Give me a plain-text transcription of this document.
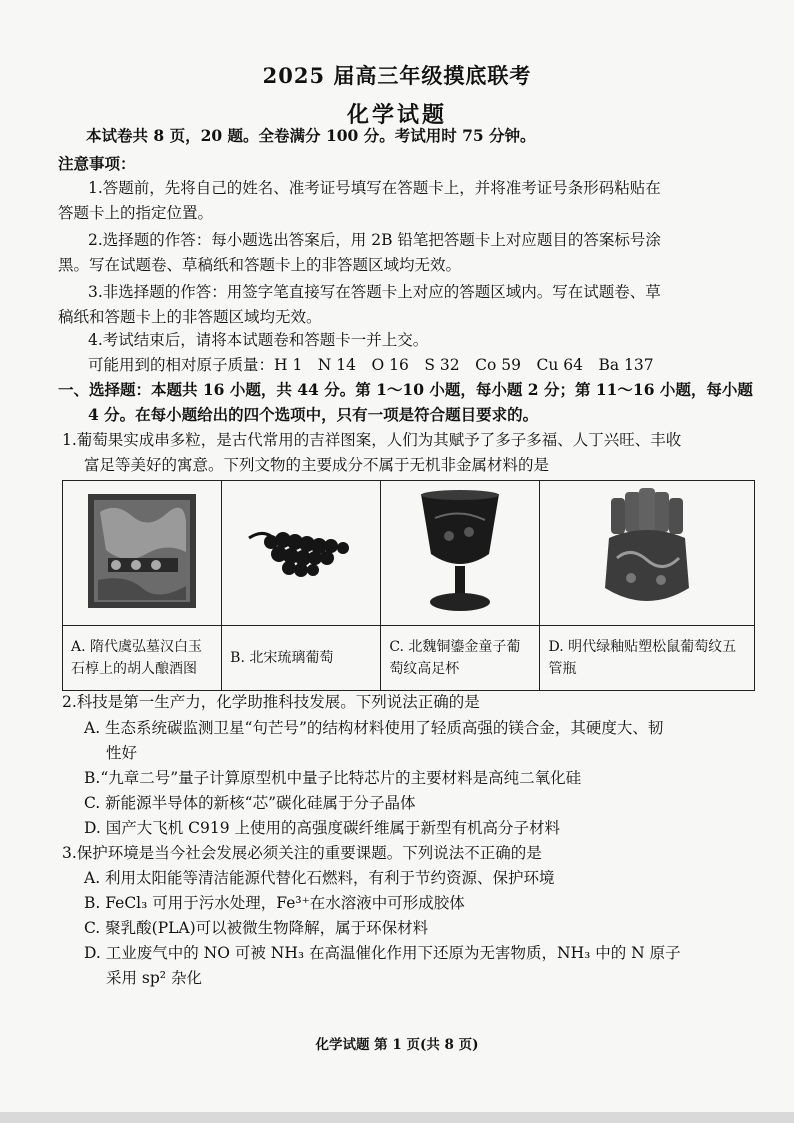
2025 届高三年级摸底联考
化学试题
本试卷共 8 页，20 题。全卷满分 100 分。考试用时 75 分钟。
注意事项：
1.答题前，先将自己的姓名、准考证号填写在答题卡上，并将准考证号条形码粘贴在
答题卡上的指定位置。
2.选择题的作答：每小题选出答案后，用 2B 铅笔把答题卡上对应题目的答案标号涂
黑。写在试题卷、草稿纸和答题卡上的非答题区域均无效。
3.非选择题的作答：用签字笔直接写在答题卡上对应的答题区域内。写在试题卷、草
稿纸和答题卡上的非答题区域均无效。
4.考试结束后，请将本试题卷和答题卡一并上交。
可能用到的相对原子质量：H 1　N 14　O 16　S 32　Co 59　Cu 64　Ba 137
一、选择题：本题共 16 小题，共 44 分。第 1～10 小题，每小题 2 分；第 11～16 小题，每小题
4 分。在每小题给出的四个选项中，只有一项是符合题目要求的。
1.葡萄果实成串多粒，是古代常用的吉祥图案，人们为其赋予了多子多福、人丁兴旺、丰收
富足等美好的寓意。下列文物的主要成分不属于无机非金属材料的是

A. 隋代虞弘墓汉白玉石椁上的胡人酿酒图	B. 北宋琉璃葡萄	C. 北魏铜鎏金童子葡萄纹高足杯	D. 明代绿釉贴塑松鼠葡萄纹五管瓶
2.科技是第一生产力，化学助推科技发展。下列说法正确的是
A. 生态系统碳监测卫星“句芒号”的结构材料使用了轻质高强的镁合金，其硬度大、韧
性好
B.“九章二号”量子计算原型机中量子比特芯片的主要材料是高纯二氧化硅
C. 新能源半导体的新核“芯”碳化硅属于分子晶体
D. 国产大飞机 C919 上使用的高强度碳纤维属于新型有机高分子材料
3.保护环境是当今社会发展必须关注的重要课题。下列说法不正确的是
A. 利用太阳能等清洁能源代替化石燃料，有利于节约资源、保护环境
B. FeCl₃ 可用于污水处理，Fe³⁺在水溶液中可形成胶体
C. 聚乳酸(PLA)可以被微生物降解，属于环保材料
D. 工业废气中的 NO 可被 NH₃ 在高温催化作用下还原为无害物质，NH₃ 中的 N 原子
采用 sp² 杂化
化学试题 第 1 页(共 8 页)
